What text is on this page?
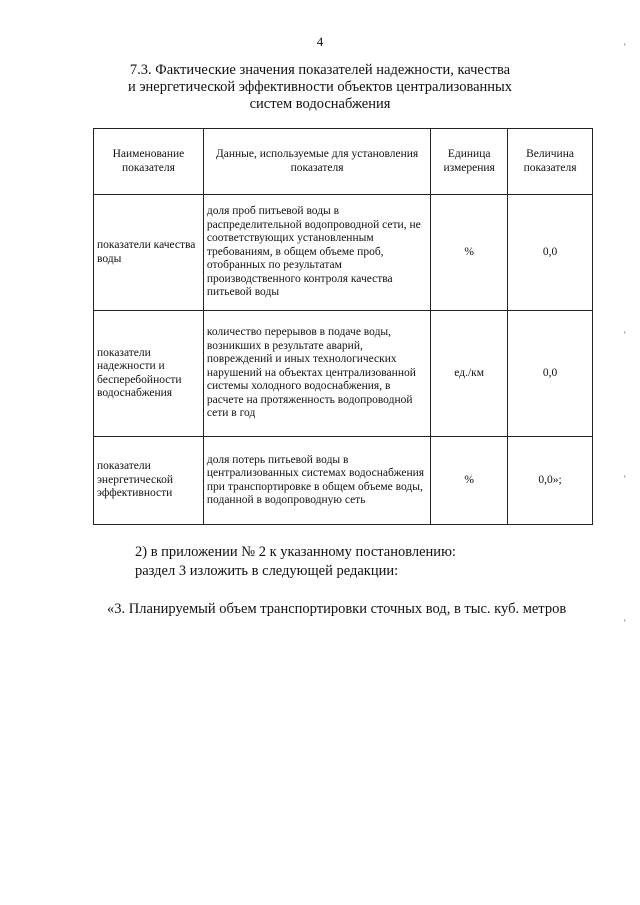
4
7.3. Фактические значения показателей надежности, качества
и энергетической эффективности объектов централизованных
систем водоснабжения
Наименование показателя	Данные, используемые для установления показателя	Единица измерения	Величина показателя
показатели качества воды	доля проб питьевой воды в распределительной водопроводной сети, не соответствующих установленным требованиям, в общем объеме проб, отобранных по результатам производственного контроля качества питьевой воды	%	0,0
показатели надежности и бесперебойности водоснабжения	количество перерывов в подаче воды, возникших в результате аварий, повреждений и иных технологических нарушений на объектах централизованной системы холодного водоснабжения, в расчете на протяженность водопроводной сети в год	ед./км	0,0
показатели энергетической эффективности	доля потерь питьевой воды в централизованных системах водоснабжения при транспортировке в общем объеме воды, поданной в водопроводную сеть	%	0,0»;
2) в приложении № 2 к указанному постановлению:
раздел 3 изложить в следующей редакции:
«3. Планируемый объем транспортировки сточных вод, в тыс. куб. метров
'
'
'
'
